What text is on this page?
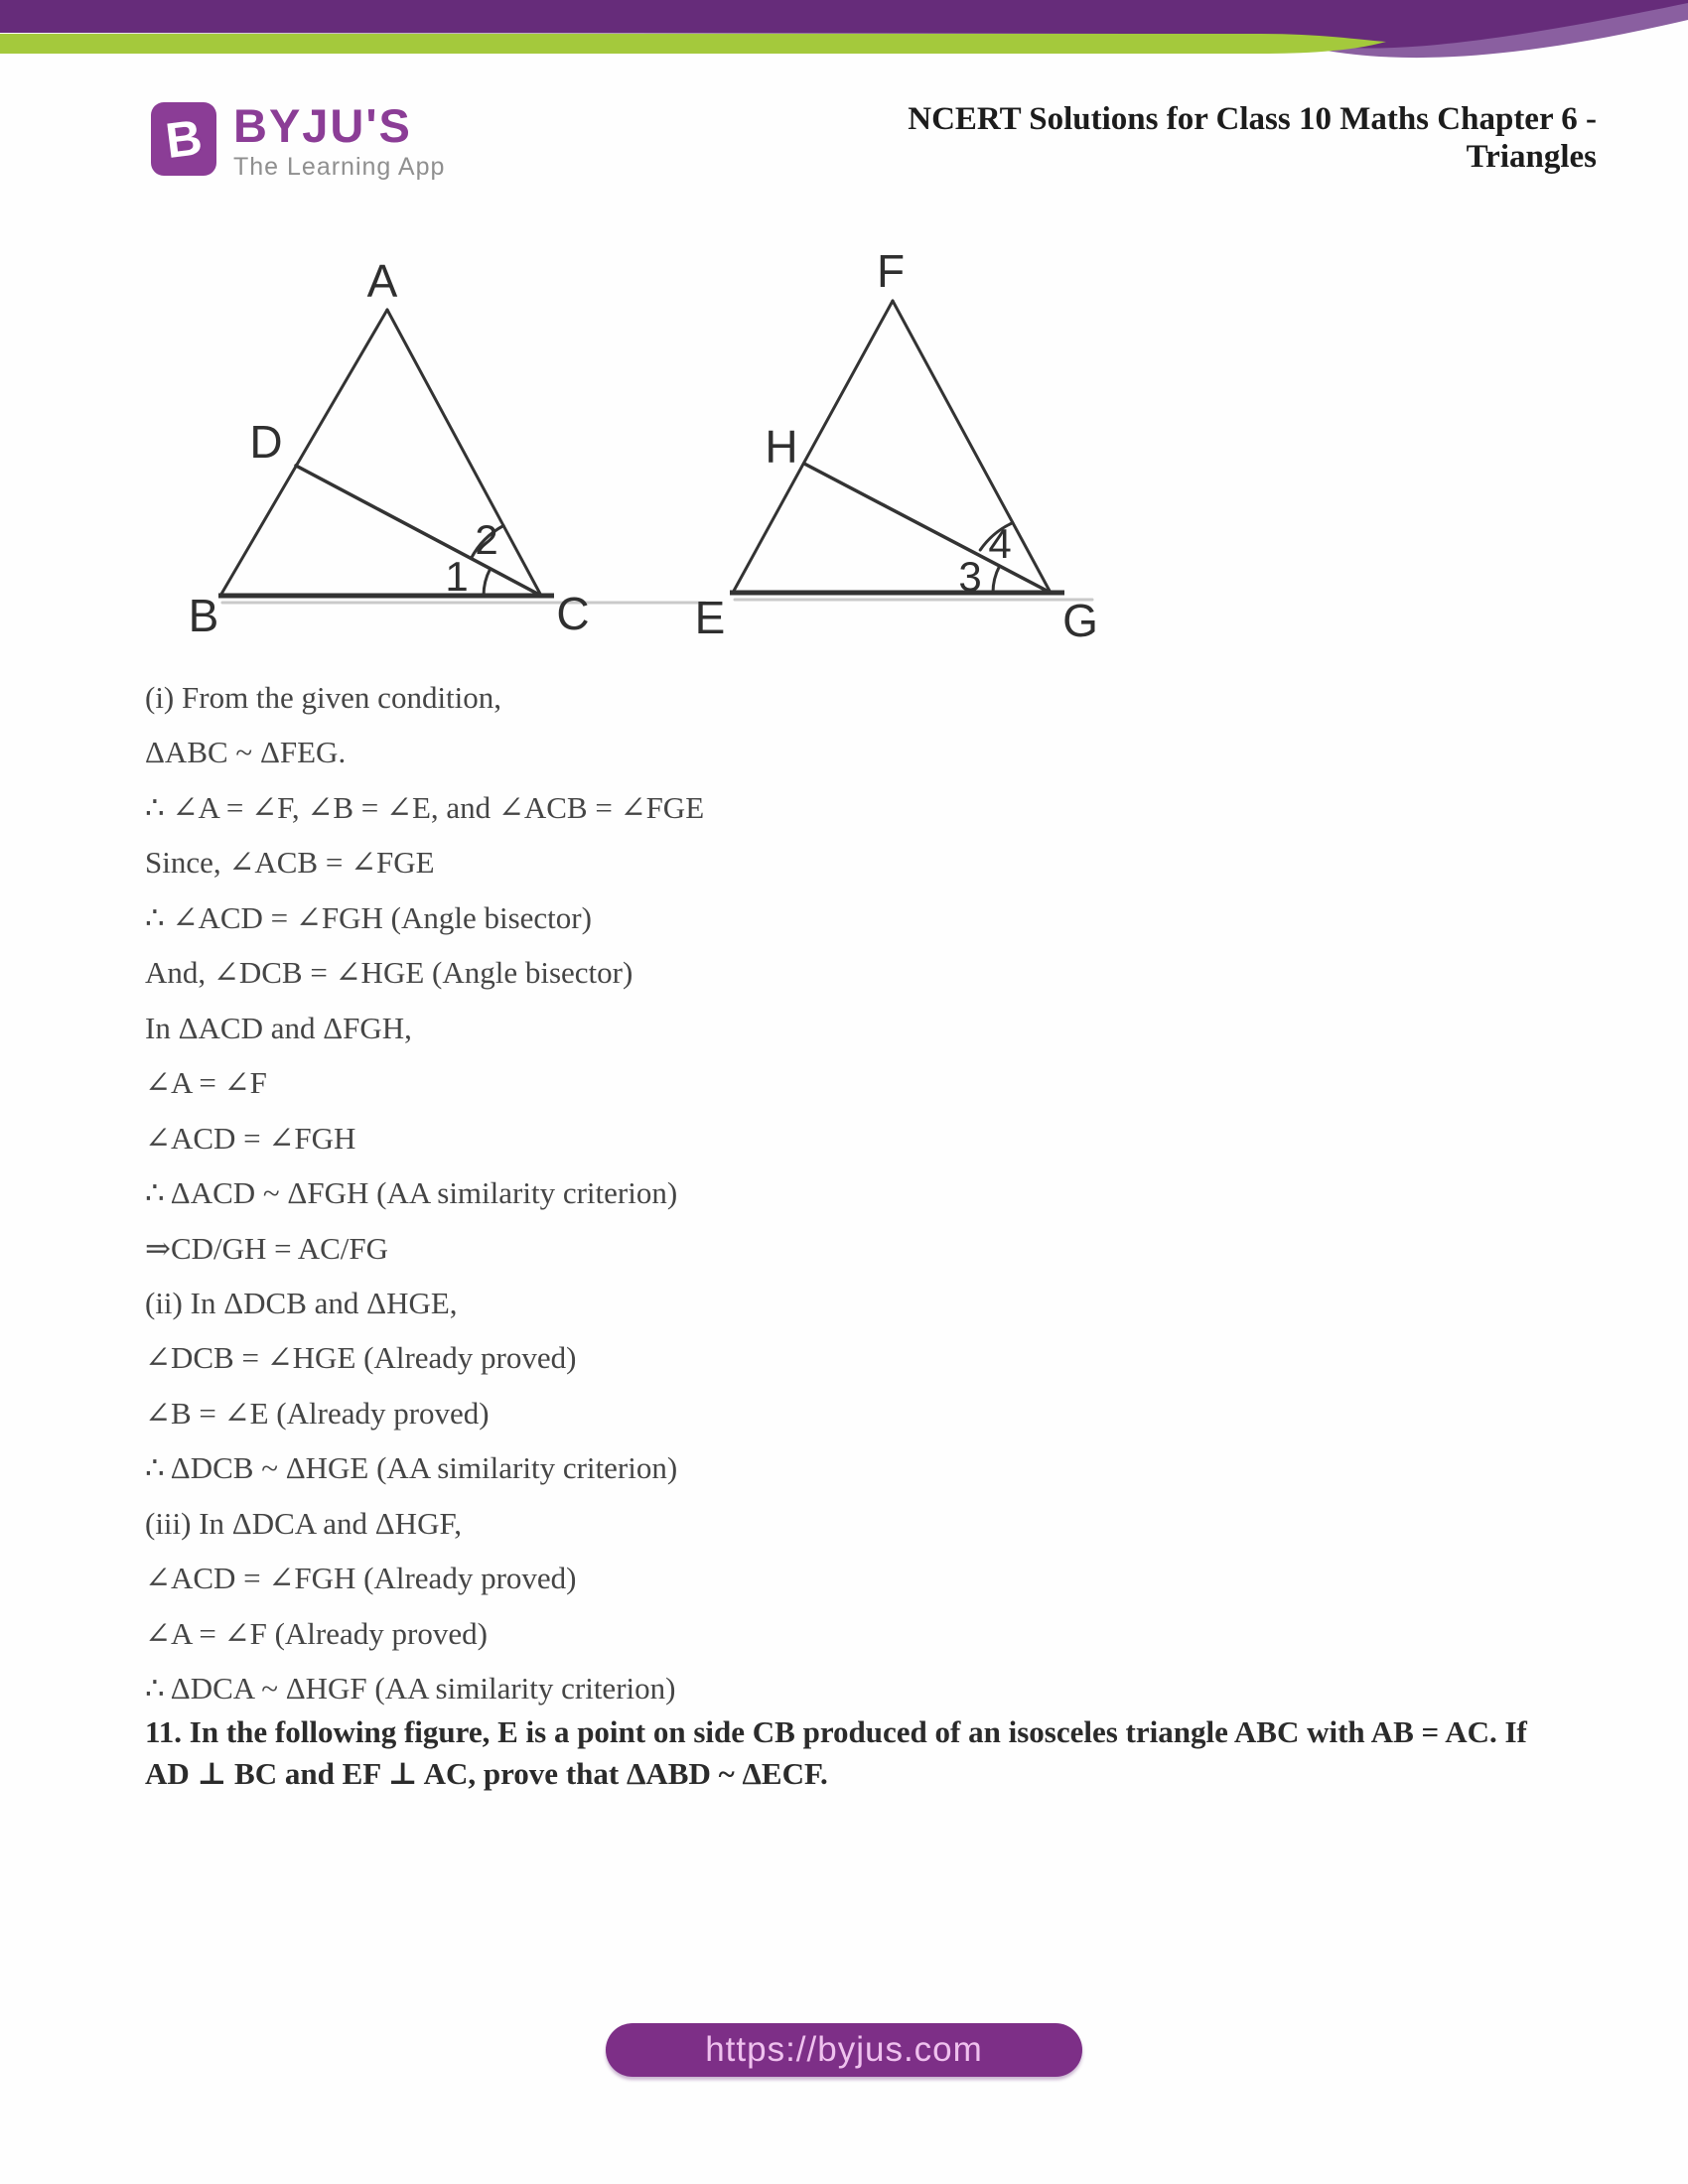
B BYJU'S
The Learning App
NCERT Solutions for Class 10 Maths Chapter 6 -
Triangles
A
B	C
D
1
2
F
E	G
H
3
4

(i) From the given condition,

ΔABC ~ ΔFEG.

∴ ∠A = ∠F, ∠B = ∠E, and ∠ACB = ∠FGE

Since, ∠ACB = ∠FGE

∴ ∠ACD = ∠FGH (Angle bisector)

And, ∠DCB = ∠HGE (Angle bisector)

In ΔACD and ΔFGH,

∠A = ∠F

∠ACD = ∠FGH

∴ ΔACD ~ ΔFGH (AA similarity criterion)

⇒CD/GH = AC/FG

(ii) In ΔDCB and ΔHGE,

∠DCB = ∠HGE (Already proved)

∠B = ∠E (Already proved)

∴ ΔDCB ~ ΔHGE (AA similarity criterion)

(iii) In ΔDCA and ΔHGF,

∠ACD = ∠FGH (Already proved)

∠A = ∠F (Already proved)

∴ ΔDCA ~ ΔHGF (AA similarity criterion)

11. In the following figure, E is a point on side CB produced of an isosceles triangle ABC with AB = AC. If AD ⊥ BC and EF ⊥ AC, prove that ΔABD ~ ΔECF.

https://byjus.com
